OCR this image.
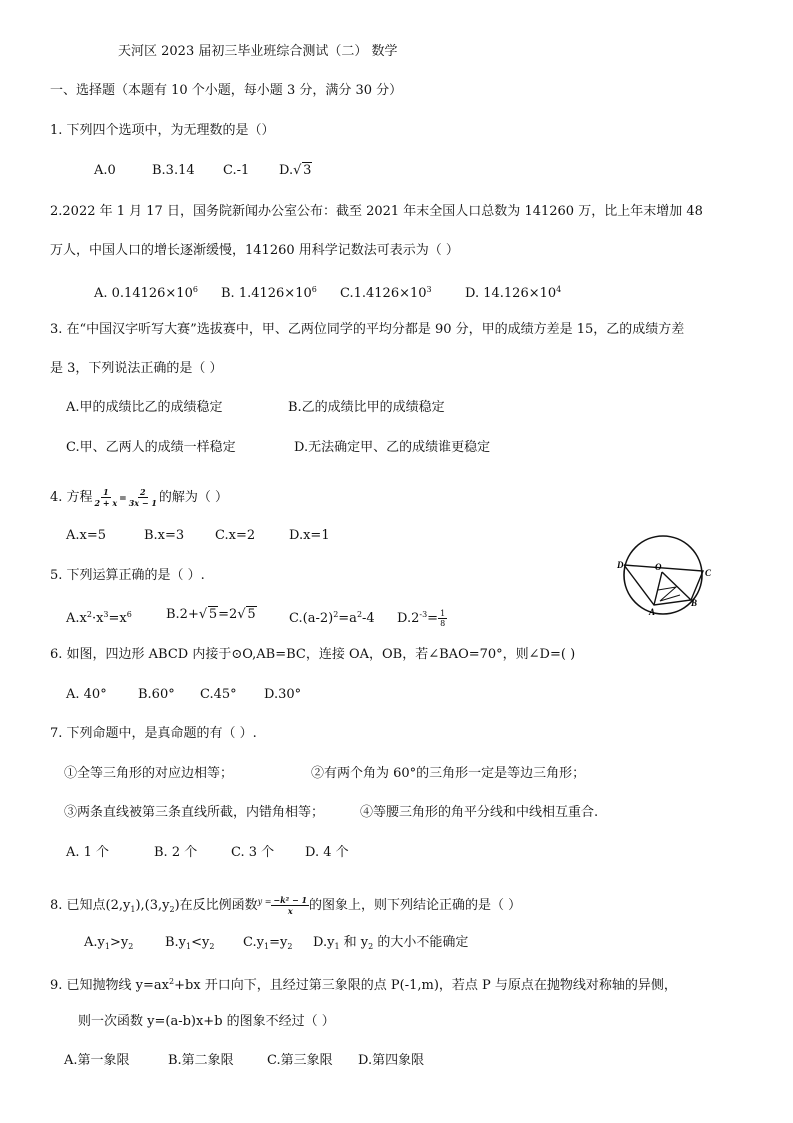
天河区 2023 届初三毕业班综合测试（二） 数学
一、选择题（本题有 10 个小题，每小题 3 分，满分 30 分）
1. 下列四个选项中，为无理数的是（）
A.0	B.3.14 C.-1 D. √ 3
2.2022 年 1 月 17 日，国务院新闻办公室公布：截至 2021 年末全国人口总数为 141260 万，比上年末增加 48
万人，中国人口的增长逐渐缓慢，141260 用科学记数法可表示为（ ）
A. $0.14126\times 10^6$ B. $1.4126\times 10^6$ $C.1.4126\times 10^3$	D. $14.126\times 10^4$
3. 在“中国汉字听写大赛”选拔赛中，甲、乙两位同学的平均分都是 90 分，甲的成绩方差是 15，乙的成绩方差
是 3，下列说法正确的是（ ）
A.甲的成绩比乙的成绩稳定	B.乙的成绩比甲的成绩稳定
C.甲、乙两人的成绩一样稳定	D.无法确定甲、乙的成绩谁更稳定
4. 方程 $\frac{1}{2 + x} = \frac{2}{3x - 1}$ 的解为（ ）
A.x=5	B.x=3 C.x=2	D.x=1
5. 下列运算正确的是（ ）.
$A.x^2\cdot x^3=x^6$	B.2+ √ 5=2 √ 5	$C.(a-2)^2=a^2-4$ $D.2^{-3}= \frac{1}{8}$
D	O
C
A
B
6. 如图，四边形 ABCD 内接于⊙O,AB=BC，连接 OA，OB，若∠BAO=70°，则∠D=( )
A. 40° B.60° C.45° D.30°
7. 下列命题中，是真命题的有（ ）.
①全等三角形的对应边相等；	②有两个角为 60°的三角形一定是等边三角形；
③两条直线被第三条直线所截，内错角相等；	④等腰三角形的角平分线和中线相互重合.
A. 1 个	B. 2 个	C. 3 个 D. 4 个
8. 已知点$(2,y_1),(3,y_2)$在反比例函数$^{y =} \frac{\text{−k² − 1}}{x}$ 的图象上，则下列结论正确的是（ ）
$A.y_1>y_2$ $B.y_1<y_2$ $C.y_1=y_2$ $D.y_1$ 和 $y_2$ 的大小不能确定
9. 已知抛物线 $y=ax^2+bx$ 开口向下，且经过第三象限的点 P(-1,m)，若点 P 与原点在抛物线对称轴的异侧，
则一次函数 y=(a-b)x+b 的图象不经过（ ）
A.第一象限	B.第二象限	C.第三象限 D.第四象限
